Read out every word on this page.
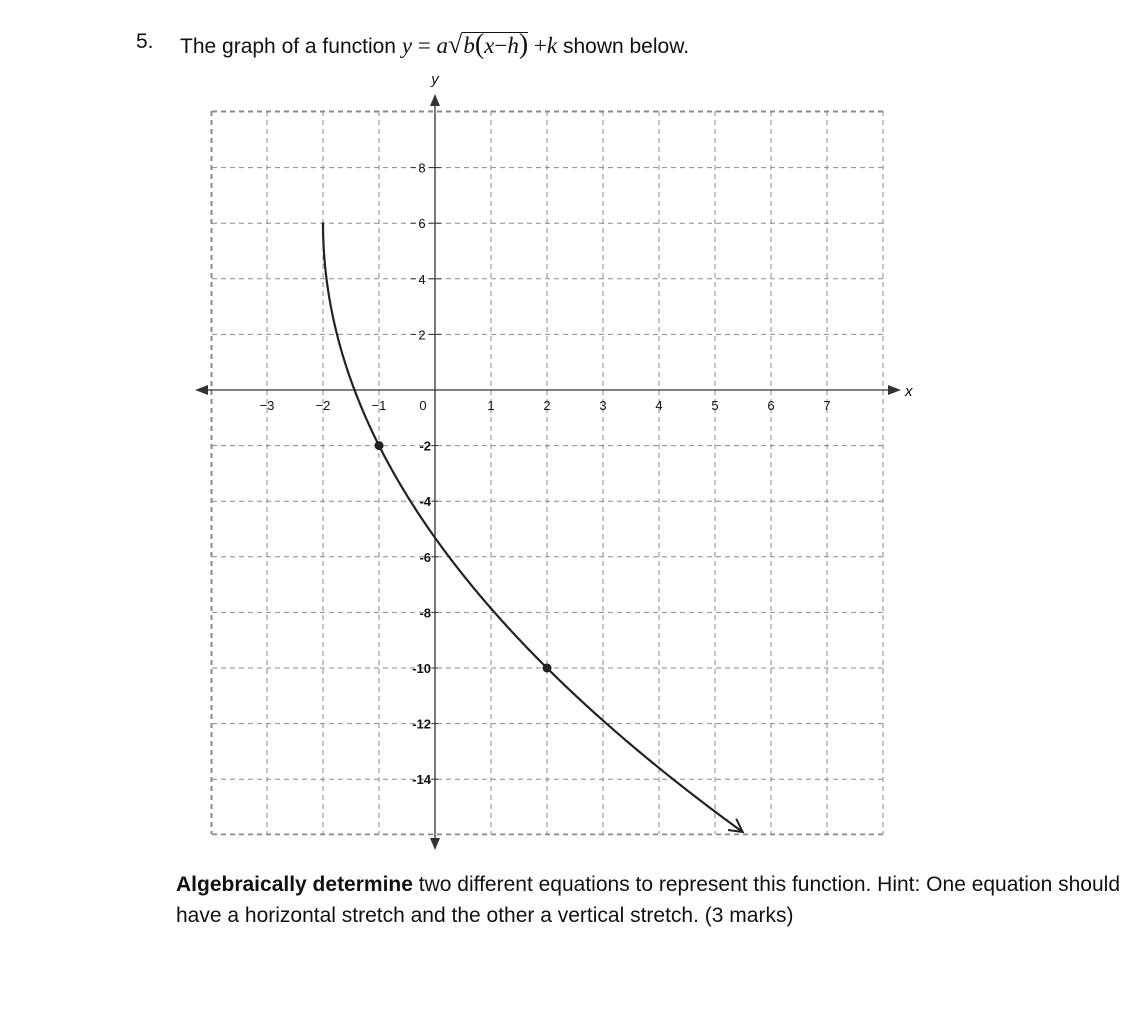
5. The graph of a function y = a√b(x−h) +k shown below.
x
y
−3	−2	−1	0	1	2	3	4	5	6	7
8
6
4
2
-2
-4
-6
-8
-10
-12
-14
Algebraically determine two different equations to represent this function. Hint: One equation should have a horizontal stretch and the other a vertical stretch. (3 marks)
